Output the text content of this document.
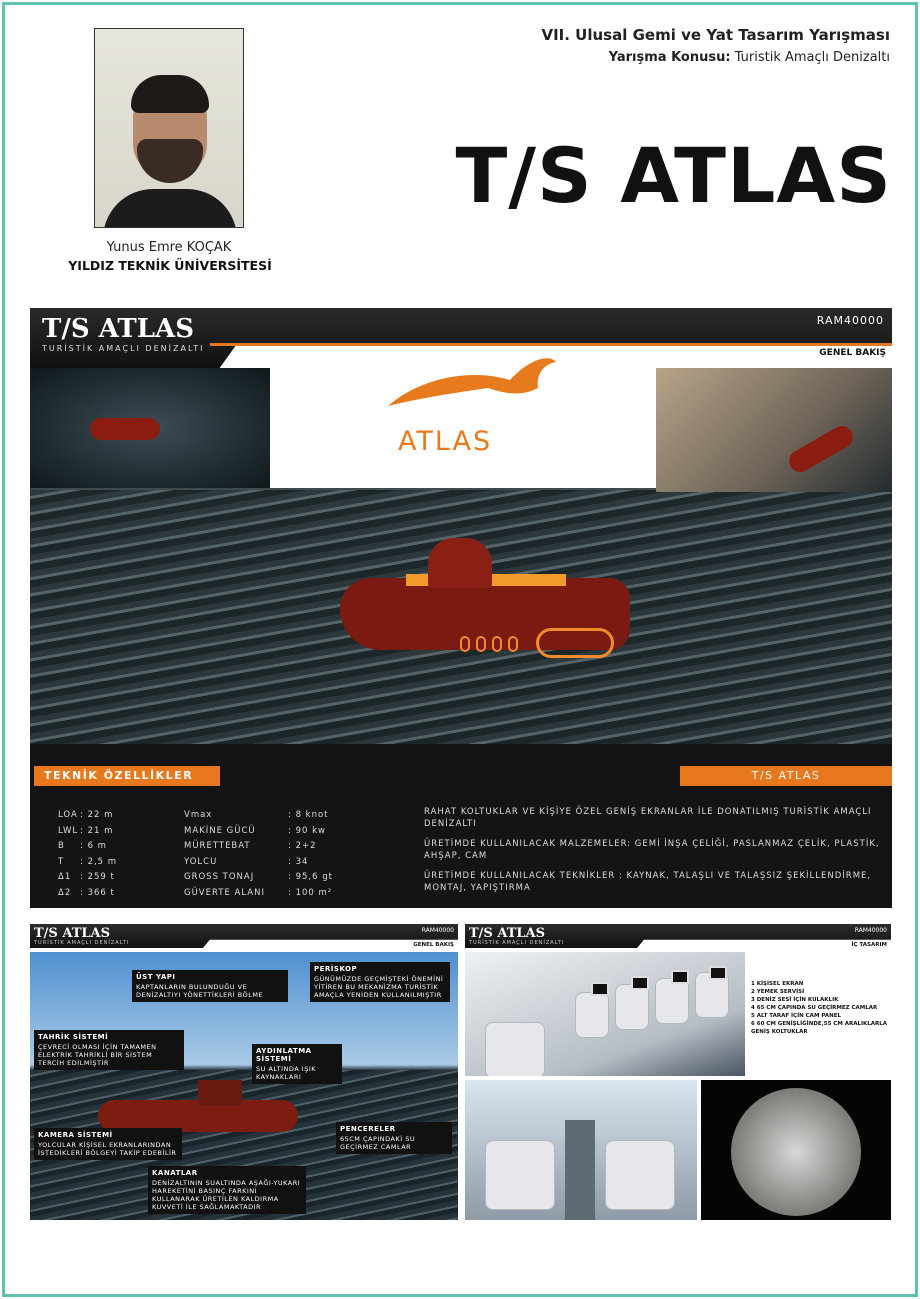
Yunus Emre KOÇAK
YILDIZ TEKNİK ÜNİVERSİTESİ
VII. Ulusal Gemi ve Yat Tasarım Yarışması
Yarışma Konusu: Turistik Amaçlı Denizaltı
T/S ATLAS
T/S ATLAS
TURİSTİK AMAÇLI DENİZALTI
RAM40000
GENEL BAKIŞ
ATLAS
TEKNİK ÖZELLİKLER	T/S ATLAS
LOA
LWL
B
T
Δ1
Δ2
: 22 m
: 21 m
: 6 m
: 2,5 m
: 259 t
: 366 t
Vmax
MAKİNE GÜCÜ
MÜRETTEBAT
YOLCU
GROSS TONAJ
GÜVERTE ALANI
: 8 knot
: 90 kw
: 2+2
: 34
: 95,6 gt
: 100 m²

RAHAT KOLTUKLAR VE KİŞİYE ÖZEL GENİŞ EKRANLAR İLE DONATILMIŞ TURİSTİK AMAÇLI DENİZALTI

ÜRETİMDE KULLANILACAK MALZEMELER: GEMİ İNŞA ÇELİĞİ, PASLANMAZ ÇELİK, PLASTİK, AHŞAP, CAM

ÜRETİMDE KULLANILACAK TEKNİKLER : KAYNAK, TALAŞLI VE TALAŞSIZ ŞEKİLLENDİRME, MONTAJ, YAPIŞTIRMA

T/S ATLAS
TURİSTİK AMAÇLI DENİZALTI
RAM40000
GENEL BAKIŞ
ÜST YAPI
KAPTANLARIN BULUNDUĞU VE DENİZALTIYI YÖNETTİKLERİ BÖLME
PERİSKOP
GÜNÜMÜZDE GEÇMİŞTEKİ ÖNEMİNİ YİTİREN BU MEKANİZMA TURİSTİK AMAÇLA YENİDEN KULLANILMIŞTIR
TAHRİK SİSTEMİ
ÇEVRECİ OLMASI İÇİN TAMAMEN ELEKTRİK TAHRİKLİ BİR SİSTEM TERCİH EDİLMİŞTİR
AYDINLATMA SİSTEMİ
SU ALTINDA IŞIK KAYNAKLARI
KAMERA SİSTEMİ
YOLCULAR KİŞİSEL EKRANLARINDAN İSTEDİKLERİ BÖLGEYİ TAKİP EDEBİLİR
PENCERELER
65CM ÇAPINDAKİ SU GEÇİRMEZ CAMLAR
KANATLAR
DENİZALTININ SUALTINDA AŞAĞI-YUKARI HAREKETİNİ BASINÇ FARKINI KULLANARAK ÜRETİLEN KALDIRMA KUVVETİ İLE SAĞLAMAKTADIR
T/S ATLAS
TURİSTİK AMAÇLI DENİZALTI
RAM40000
İÇ TASARIM
1 KİŞİSEL EKRAN
2 YEMEK SERVİSİ
3 DENİZ SESİ İÇİN KULAKLIK
4 65 CM ÇAPINDA SU GEÇİRMEZ CAMLAR
5 ALT TARAF İÇİN CAM PANEL
6 60 CM GENİŞLİĞİNDE,55 CM ARALIKLARLA GENİŞ KOLTUKLAR
